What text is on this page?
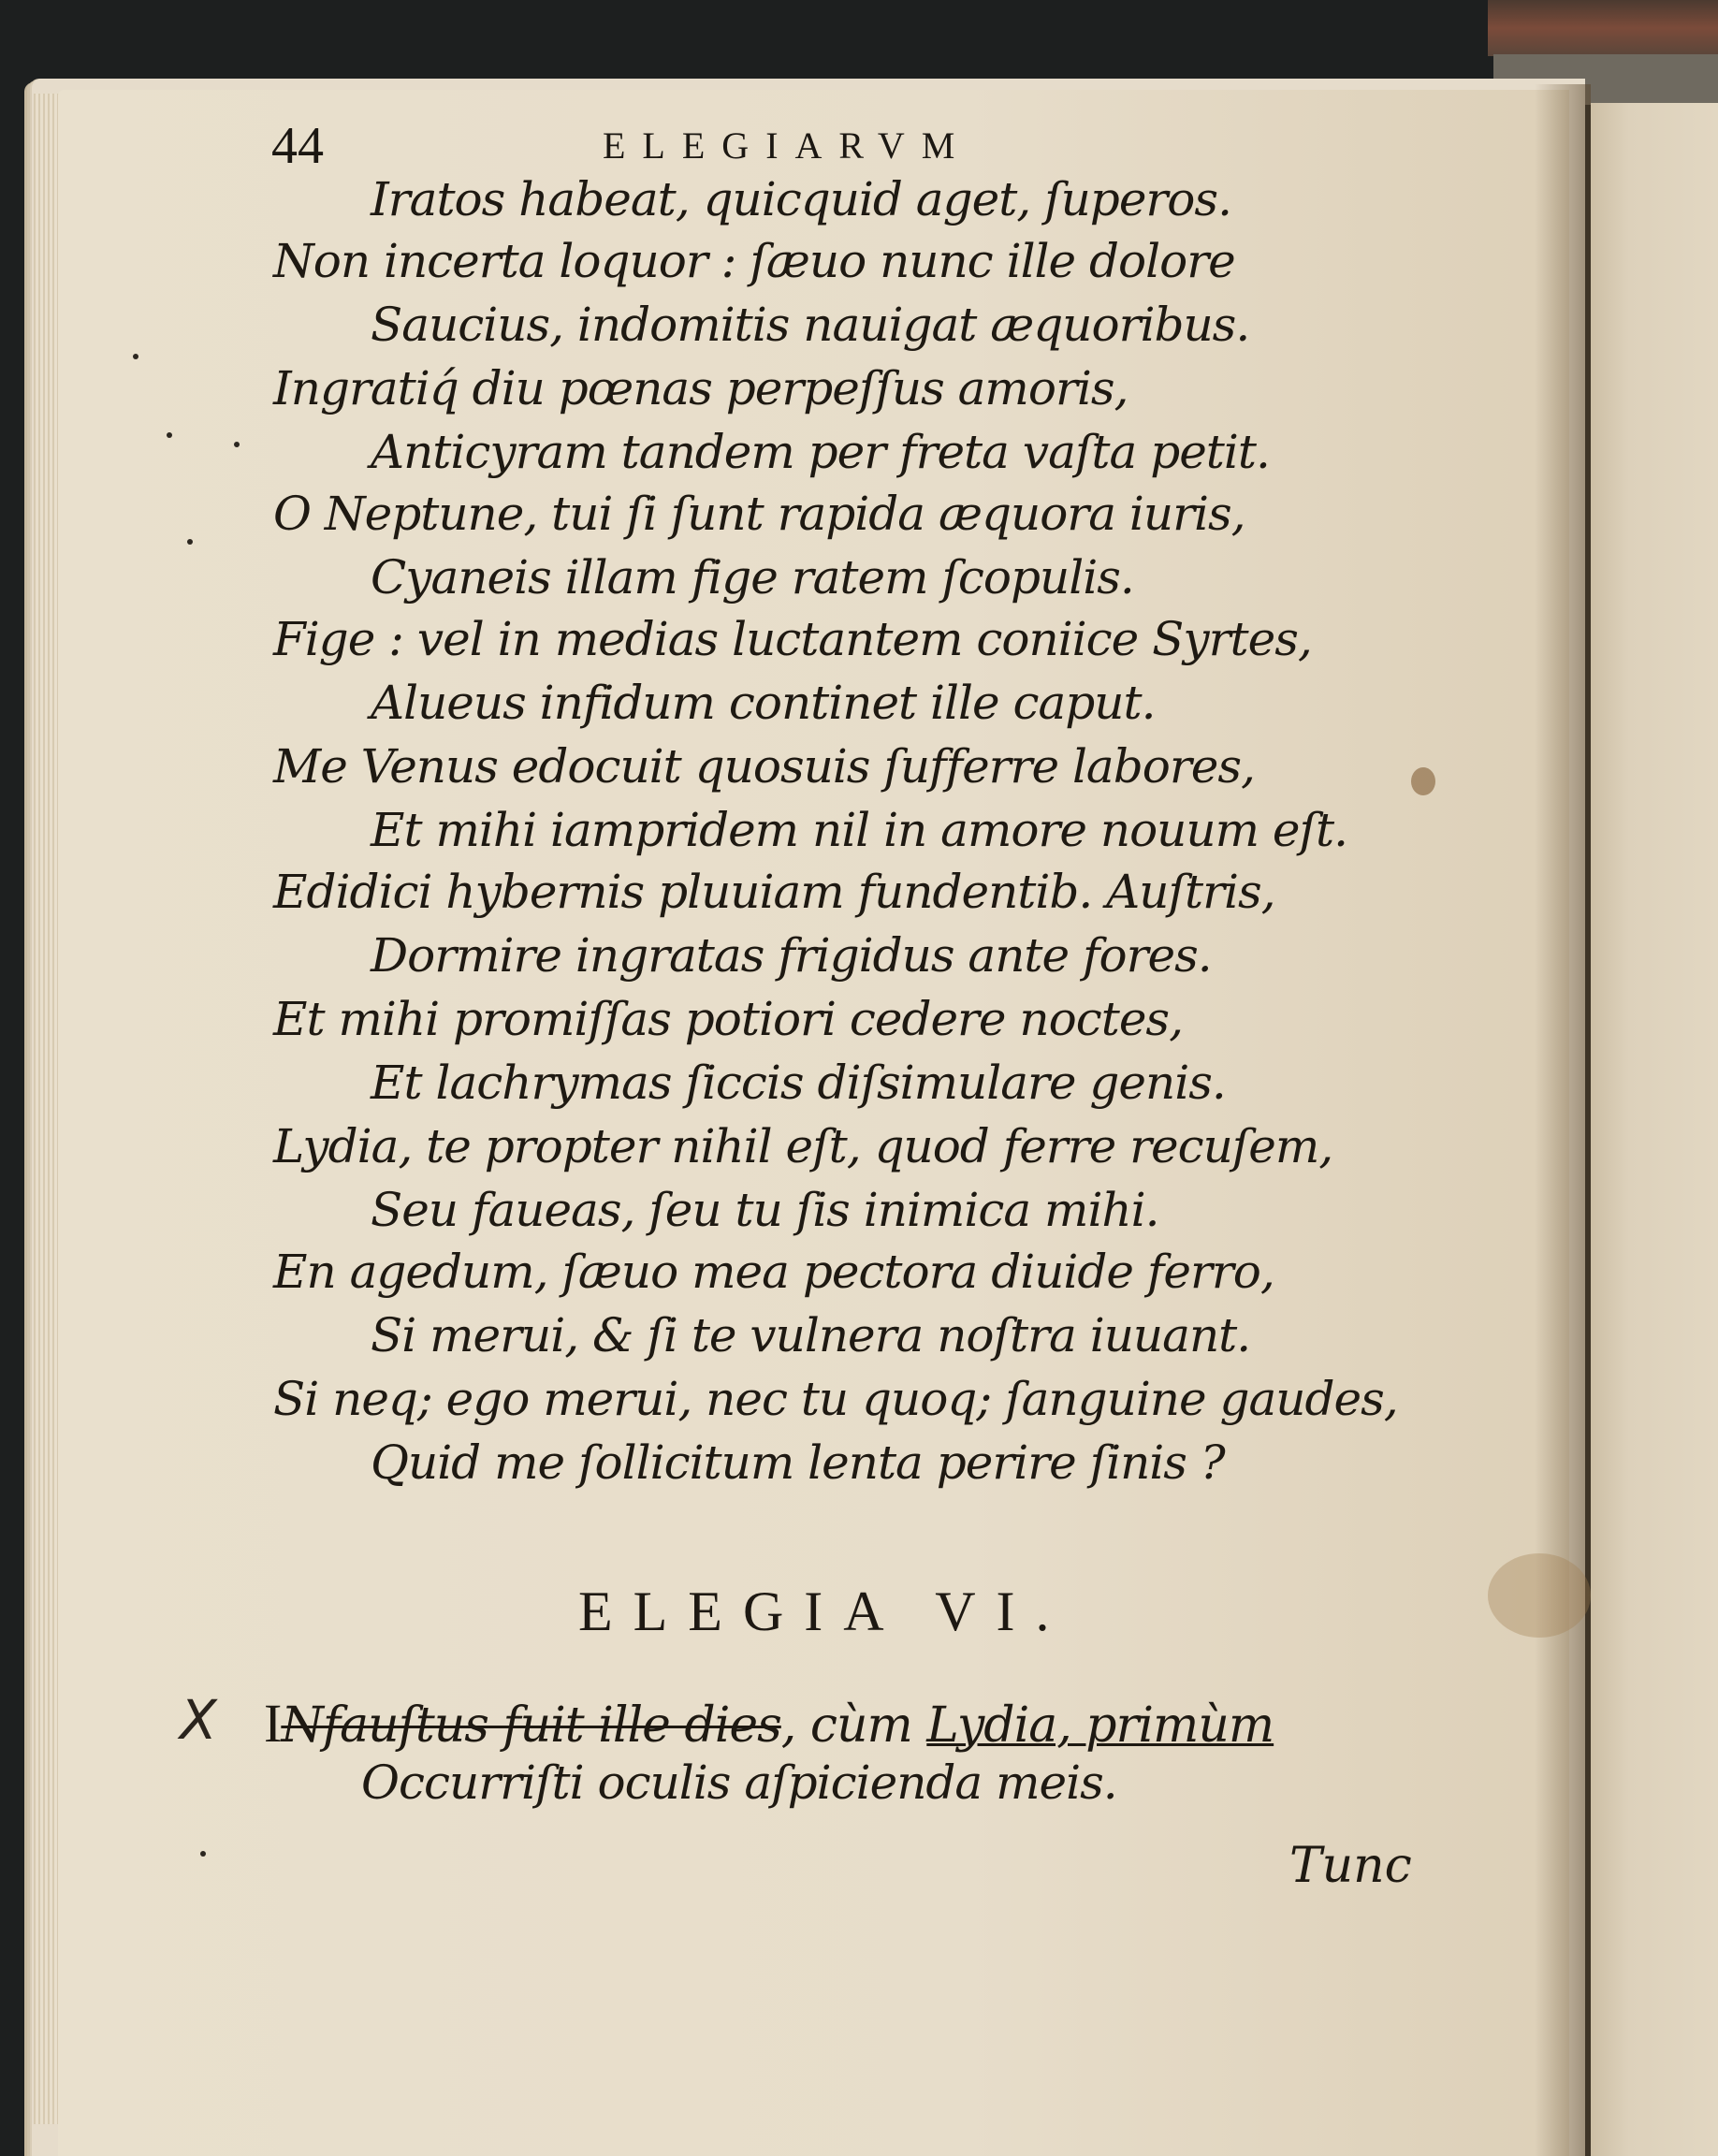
44	ELEGIARVM
Iratos habeat, quicquid aget, ſuperos.
Non incerta loquor : ſæuo nunc ille dolore
Saucius, indomitis nauigat æquoribus.
Ingratiq́ diu pœnas perpeſſus amoris,
Anticyram tandem per freta vaſta petit.
O Neptune, tui ſi ſunt rapida æquora iuris,
Cyaneis illam fige ratem ſcopulis.
Fige : vel in medias luctantem coniice Syrtes,
Alueus infidum continet ille caput.
Me Venus edocuit quosuis ſufferre labores,
Et mihi iampridem nil in amore nouum eſt.
Edidici hybernis pluuiam fundentib. Auſtris,
Dormire ingratas frigidus ante fores.
Et mihi promiſſas potiori cedere noctes,
Et lachrymas ſiccis diſsimulare genis.
Lydia, te propter nihil eſt, quod ferre recuſem,
Seu faueas, ſeu tu ſis inimica mihi.
En agedum, ſæuo mea pectora diuide ferro,
Si merui, & ſi te vulnera noſtra iuuant.
Si neq; ego merui, nec tu quoq; ſanguine gaudes,
Quid me ſollicitum lenta perire ſinis ?
ELEGIA VI.
X INfauſtus fuit ille dies, cùm Lydia, primùm
Occurriſti oculis aſpicienda meis.
Tunc
